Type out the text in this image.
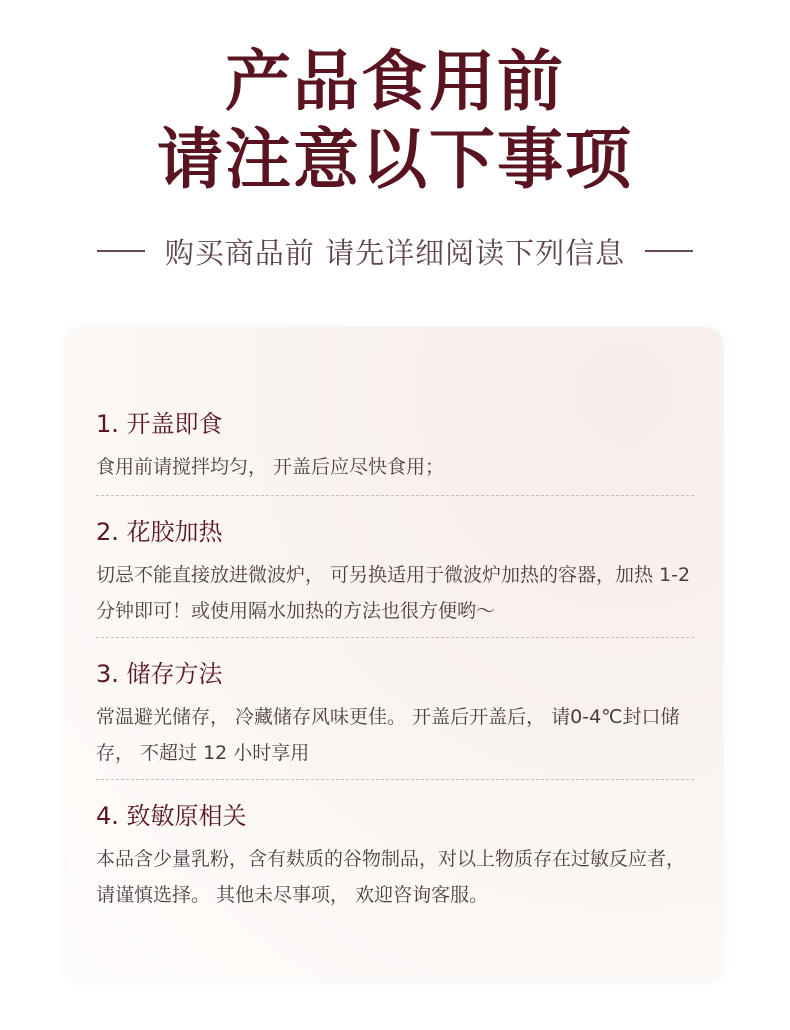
产品食用前
请注意以下事项
购买商品前 请先详细阅读下列信息

1. 开盖即食

食用前请搅拌均匀， 开盖后应尽快食用；

2. 花胶加热

切忌不能直接放进微波炉， 可另换适用于微波炉加热的容器，加热 1-2 分钟即可！或使用隔水加热的方法也很方便哟～

3. 储存方法

常温避光储存， 冷藏储存风味更佳。 开盖后开盖后， 请0-4℃封口储存， 不超过 12 小时享用

4. 致敏原相关

本品含少量乳粉，含有麸质的谷物制品，对以上物质存在过敏反应者， 请谨慎选择。 其他未尽事项， 欢迎咨询客服。
